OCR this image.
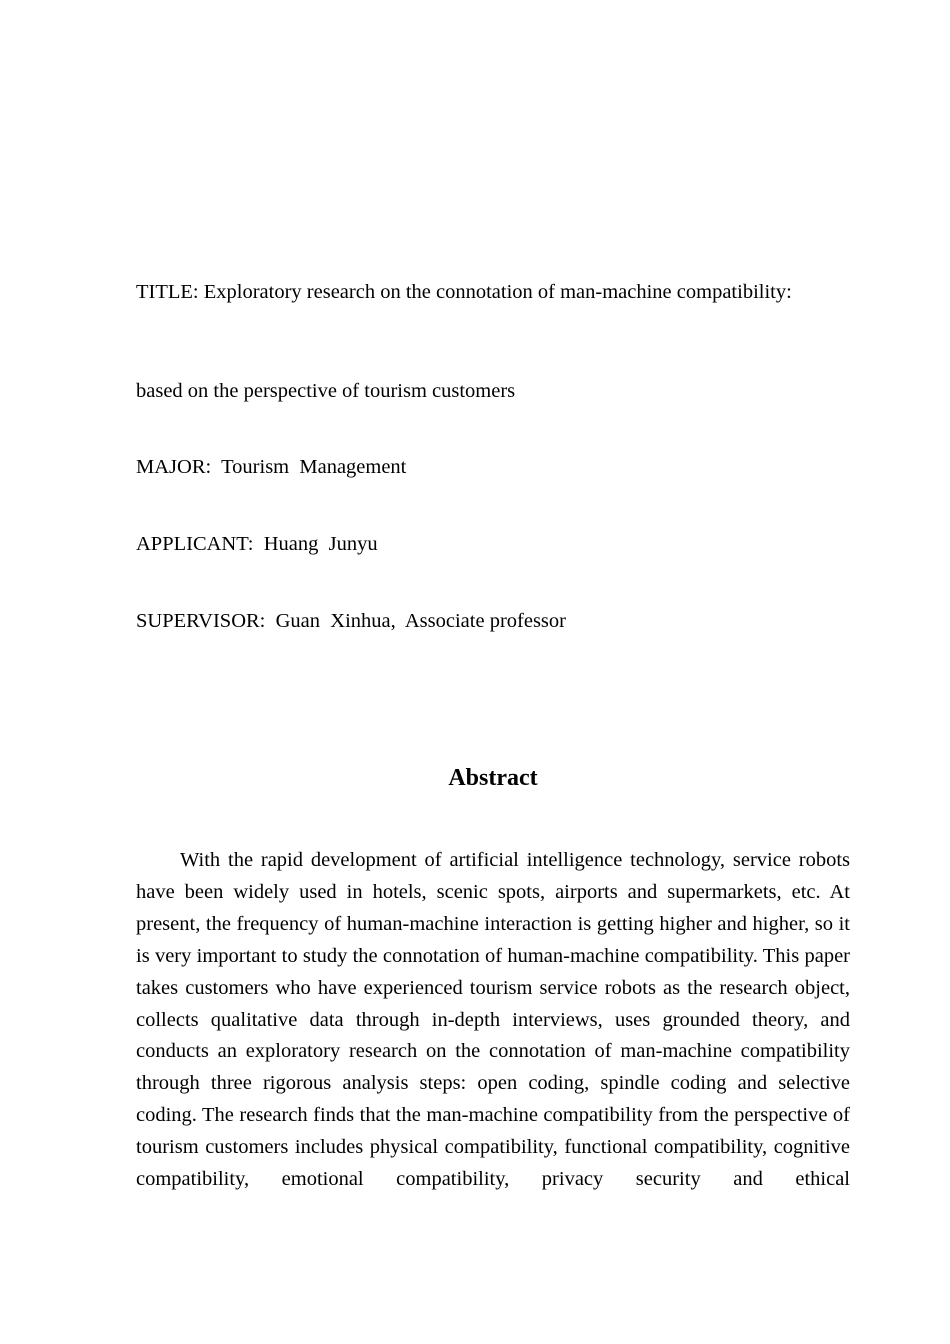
TITLE: Exploratory research on the connotation of man-machine compatibility:
based on the perspective of tourism customers
MAJOR: Tourism  Management
APPLICANT: Huang  Junyu
SUPERVISOR: Guan  Xinhua,  Associate professor
Abstract

With the rapid development of artificial intelligence technology, service robots have been widely used in hotels, scenic spots, airports and supermarkets, etc. At present, the frequency of human-machine interaction is getting higher and higher, so it is very important to study the connotation of human-machine compatibility. This paper takes customers who have experienced tourism service robots as the research object, collects qualitative data through in-depth interviews, uses grounded theory, and conducts an exploratory research on the connotation of man-machine compatibility through three rigorous analysis steps: open coding, spindle coding and selective coding. The research finds that the man-machine compatibility from the perspective of tourism customers includes physical compatibility, functional compatibility, cognitive compatibility, emotional compatibility, privacy security and ethical
